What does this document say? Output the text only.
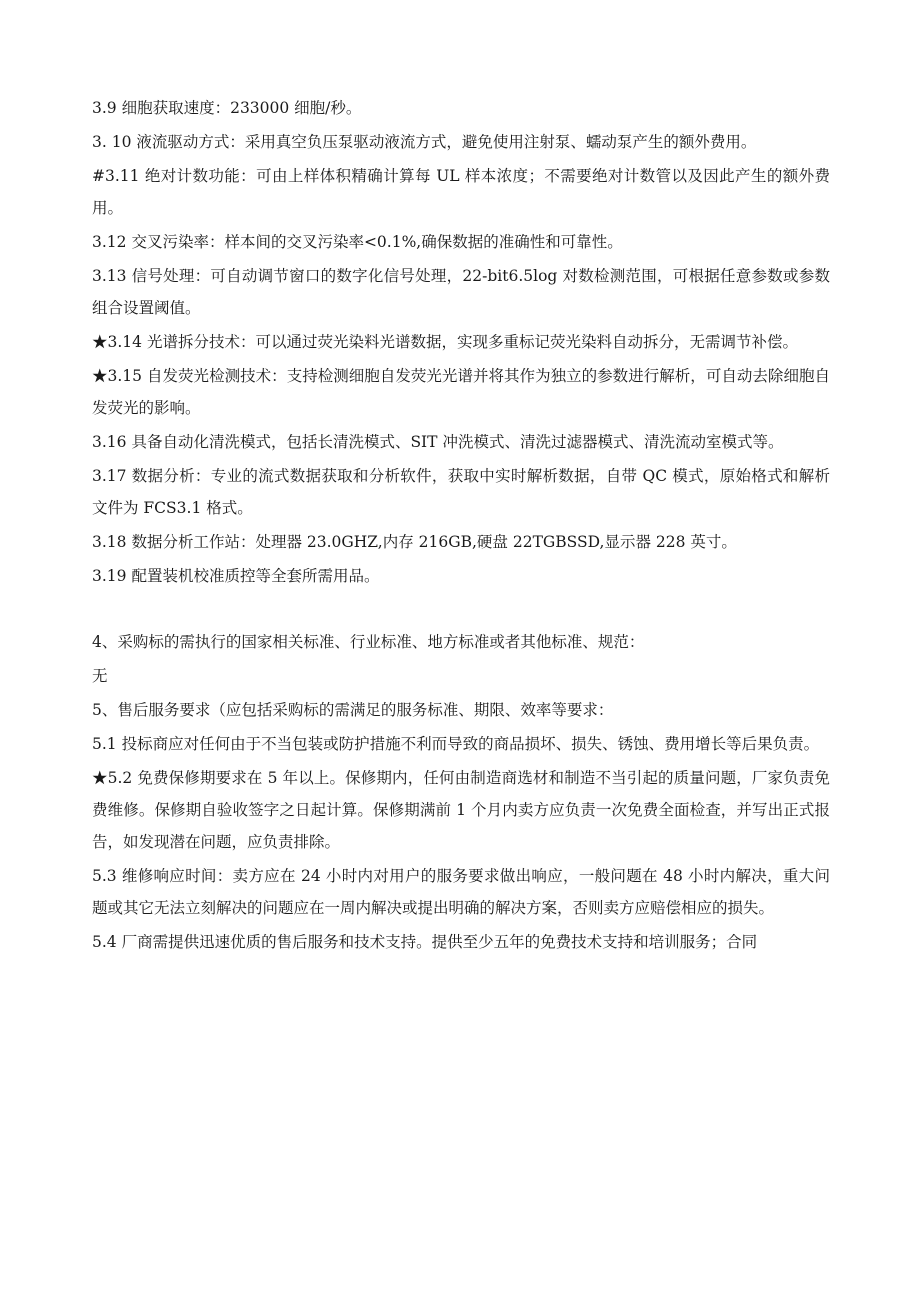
3.9 细胞获取速度：233000 细胞/秒。

3. 10 液流驱动方式：采用真空负压泵驱动液流方式，避免使用注射泵、蠕动泵产生的额外费用。

#3.11 绝对计数功能：可由上样体积精确计算每 UL 样本浓度；不需要绝对计数管以及因此产生的额外费用。

3.12 交叉污染率：样本间的交叉污染率<0.1%,确保数据的准确性和可靠性。

3.13 信号处理：可自动调节窗口的数字化信号处理，22-bit6.5log 对数检测范围，可根据任意参数或参数组合设置阈值。

★3.14 光谱拆分技术：可以通过荧光染料光谱数据，实现多重标记荧光染料自动拆分，无需调节补偿。

★3.15 自发荧光检测技术：支持检测细胞自发荧光光谱并将其作为独立的参数进行解析，可自动去除细胞自发荧光的影响。

3.16 具备自动化清洗模式，包括长清洗模式、SIT 冲洗模式、清洗过滤器模式、清洗流动室模式等。

3.17 数据分析：专业的流式数据获取和分析软件，获取中实时解析数据，自带 QC 模式，原始格式和解析文件为 FCS3.1 格式。

3.18 数据分析工作站：处理器 23.0GHZ,内存 216GB,硬盘 22TGBSSD,显示器 228 英寸。

3.19 配置装机校准质控等全套所需用品。

4、采购标的需执行的国家相关标准、行业标准、地方标准或者其他标准、规范：

无

5、售后服务要求（应包括采购标的需满足的服务标准、期限、效率等要求：

5.1 投标商应对任何由于不当包装或防护措施不利而导致的商品损坏、损失、锈蚀、费用增长等后果负责。

★5.2 免费保修期要求在 5 年以上。保修期内，任何由制造商选材和制造不当引起的质量问题，厂家负责免费维修。保修期自验收签字之日起计算。保修期满前 1 个月内卖方应负责一次免费全面检查，并写出正式报告，如发现潜在问题，应负责排除。

5.3 维修响应时间：卖方应在 24 小时内对用户的服务要求做出响应，一般问题在 48 小时内解决，重大问题或其它无法立刻解决的问题应在一周内解决或提出明确的解决方案，否则卖方应赔偿相应的损失。

5.4 厂商需提供迅速优质的售后服务和技术支持。提供至少五年的免费技术支持和培训服务；合同
